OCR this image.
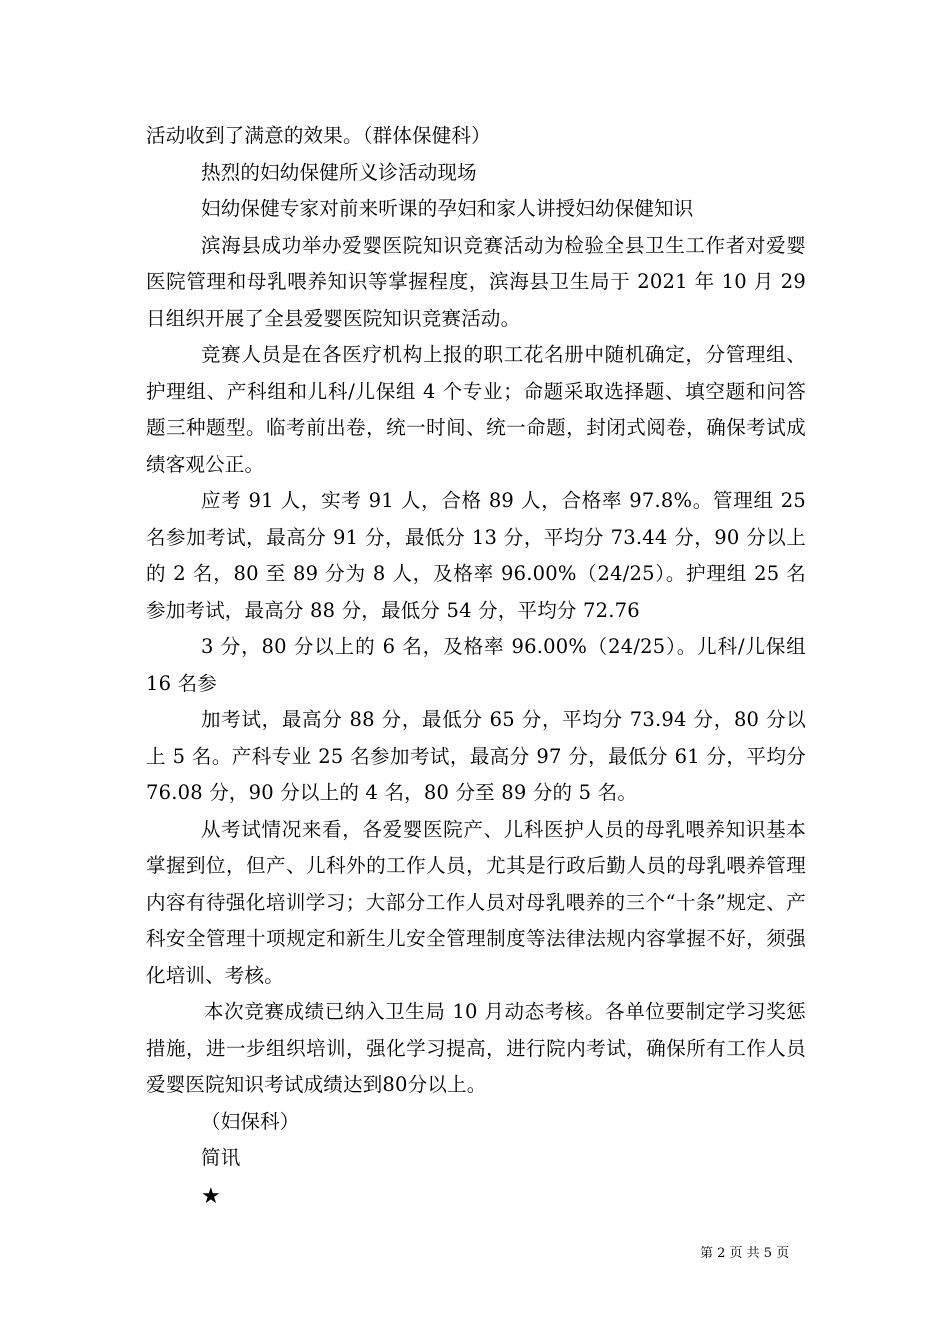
活动收到了满意的效果。（群体保健科）

热烈的妇幼保健所义诊活动现场

妇幼保健专家对前来听课的孕妇和家人讲授妇幼保健知识

滨海县成功举办爱婴医院知识竞赛活动为检验全县卫生工作者对爱婴医院管理和母乳喂养知识等掌握程度，滨海县卫生局于 2021 年 10 月 29 日组织开展了全县爱婴医院知识竞赛活动。

竞赛人员是在各医疗机构上报的职工花名册中随机确定，分管理组、护理组、产科组和儿科/儿保组 4 个专业；命题采取选择题、填空题和问答题三种题型。临考前出卷，统一时间、统一命题，封闭式阅卷，确保考试成绩客观公正。

应考 91 人，实考 91 人，合格 89 人，合格率 97.8%。管理组 25 名参加考试，最高分 91 分，最低分 13 分，平均分 73.44 分，90 分以上的 2 名，80 至 89 分为 8 人，及格率 96.00%（24/25）。护理组 25 名参加考试，最高分 88 分，最低分 54 分，平均分 72.76

3 分，80 分以上的 6 名，及格率 96.00%（24/25）。儿科/儿保组 16 名参

加考试，最高分 88 分，最低分 65 分，平均分 73.94 分，80 分以上 5 名。产科专业 25 名参加考试，最高分 97 分，最低分 61 分，平均分 76.08 分，90 分以上的 4 名，80 分至 89 分的 5 名。

从考试情况来看，各爱婴医院产、儿科医护人员的母乳喂养知识基本掌握到位，但产、儿科外的工作人员，尤其是行政后勤人员的母乳喂养管理内容有待强化培训学习；大部分工作人员对母乳喂养的三个“十条”规定、产科安全管理十项规定和新生儿安全管理制度等法律法规内容掌握不好，须强化培训、考核。

本次竞赛成绩已纳入卫生局 10 月动态考核。各单位要制定学习奖惩措施，进一步组织培训，强化学习提高，进行院内考试，确保所有工作人员爱婴医院知识考试成绩达到80分以上。

（妇保科）

简讯

★
第 2 页 共 5 页
